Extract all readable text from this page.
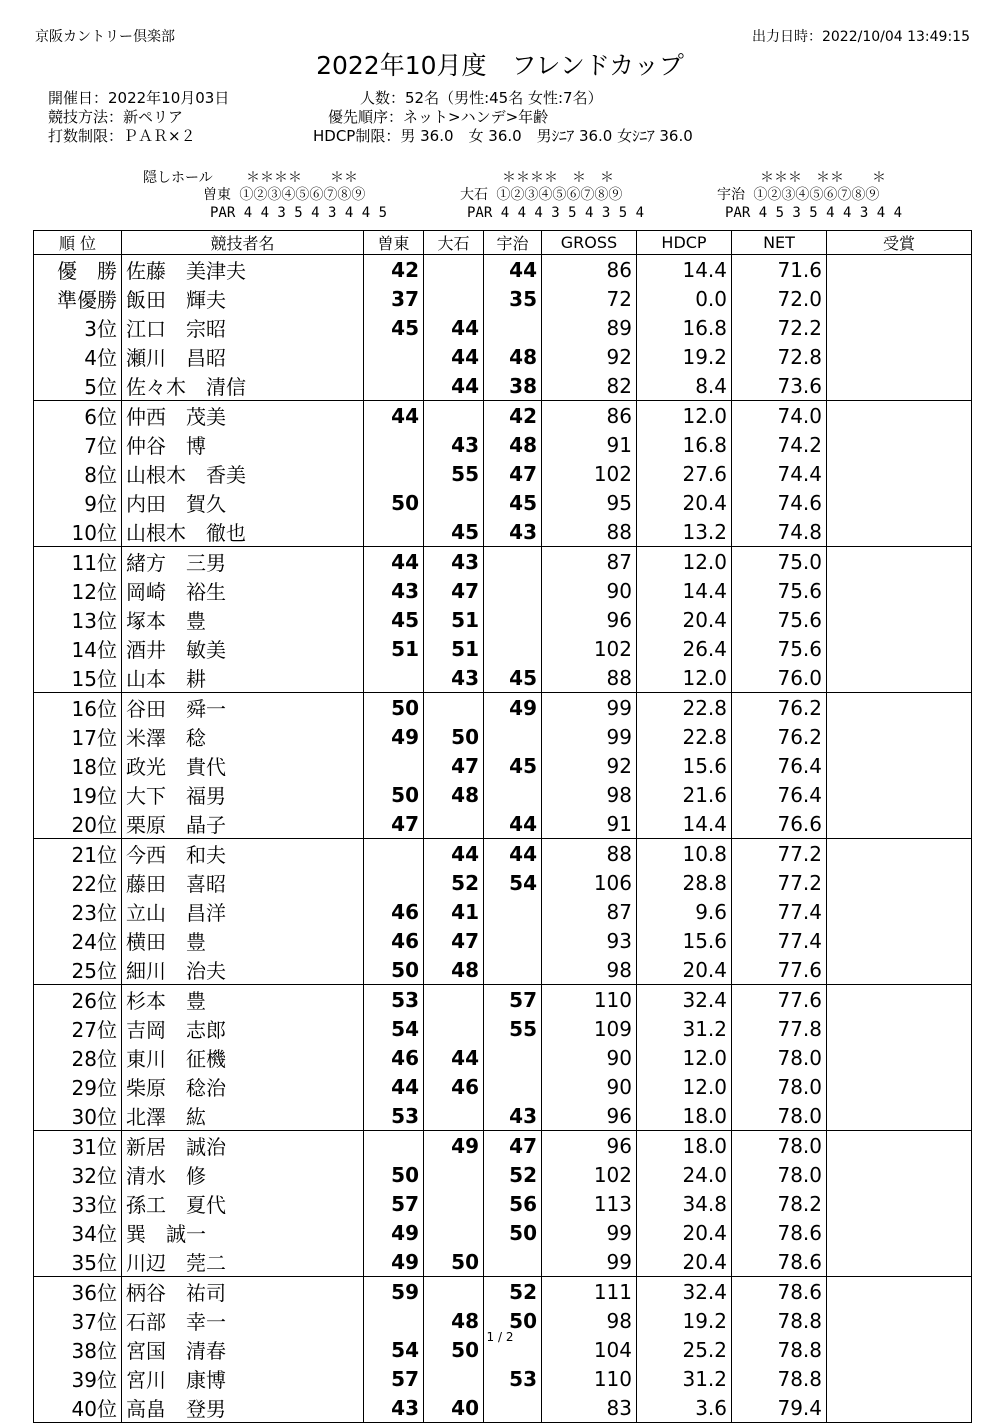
京阪カントリー倶楽部	出力日時：2022/10/04 13:49:15
2022年10月度　フレンドカップ
開催日：2022年10月03日
競技方法：新ペリア
打数制限：ＰＡＲ×２
人数：52名（男性:45名 女性:7名）
優先順序：ネット>ハンデ>年齢
HDCP制限：男 36.0　女 36.0　男ｼﾆｱ 36.0 女ｼﾆｱ 36.0
隠しホール ＊＊＊＊　　＊＊
曽東 ①②③④⑤⑥⑦⑧⑨
PAR 4 4 3 5 4 3 4 4 5
＊＊＊＊　＊　＊
大石 ①②③④⑤⑥⑦⑧⑨
PAR 4 4 4 3 5 4 3 5 4
＊＊＊　＊＊　　＊
宇治 ①②③④⑤⑥⑦⑧⑨
PAR 4 5 3 5 4 4 3 4 4
順 位	競技者名	曽東	大石	宇治	GROSS	HDCP	NET	受賞
優　勝	佐藤　美津夫	42		44	86	14.4	71.6	
準優勝	飯田　輝夫	37		35	72	0.0	72.0	
3位	江口　宗昭	45	44		89	16.8	72.2	
4位	瀬川　昌昭		44	48	92	19.2	72.8	
5位	佐々木　清信		44	38	82	8.4	73.6	
6位	仲西　茂美	44		42	86	12.0	74.0	
7位	仲谷　博		43	48	91	16.8	74.2	
8位	山根木　香美		55	47	102	27.6	74.4	
9位	内田　賀久	50		45	95	20.4	74.6	
10位	山根木　徹也		45	43	88	13.2	74.8	
11位	緒方　三男	44	43		87	12.0	75.0	
12位	岡崎　裕生	43	47		90	14.4	75.6	
13位	塚本　豊	45	51		96	20.4	75.6	
14位	酒井　敏美	51	51		102	26.4	75.6	
15位	山本　耕		43	45	88	12.0	76.0	
16位	谷田　舜一	50		49	99	22.8	76.2	
17位	米澤　稔	49	50		99	22.8	76.2	
18位	政光　貴代		47	45	92	15.6	76.4	
19位	大下　福男	50	48		98	21.6	76.4	
20位	栗原　晶子	47		44	91	14.4	76.6	
21位	今西　和夫		44	44	88	10.8	77.2	
22位	藤田　喜昭		52	54	106	28.8	77.2	
23位	立山　昌洋	46	41		87	9.6	77.4	
24位	横田　豊	46	47		93	15.6	77.4	
25位	細川　治夫	50	48		98	20.4	77.6	
26位	杉本　豊	53		57	110	32.4	77.6	
27位	吉岡　志郎	54		55	109	31.2	77.8	
28位	東川　征機	46	44		90	12.0	78.0	
29位	柴原　稔治	44	46		90	12.0	78.0	
30位	北澤　紘	53		43	96	18.0	78.0	
31位	新居　誠治		49	47	96	18.0	78.0	
32位	清水　修	50		52	102	24.0	78.0	
33位	孫工　夏代	57		56	113	34.8	78.2	
34位	巽　誠一	49		50	99	20.4	78.6	
35位	川辺　莞二	49	50		99	20.4	78.6	
36位	柄谷　祐司	59		52	111	32.4	78.6	
37位	石部　幸一		48	50	98	19.2	78.8	
38位	宮国　清春	54	50		104	25.2	78.8	
39位	宮川　康博	57		53	110	31.2	78.8	
40位	高畠　登男	43	40		83	3.6	79.4	
1 / 2
